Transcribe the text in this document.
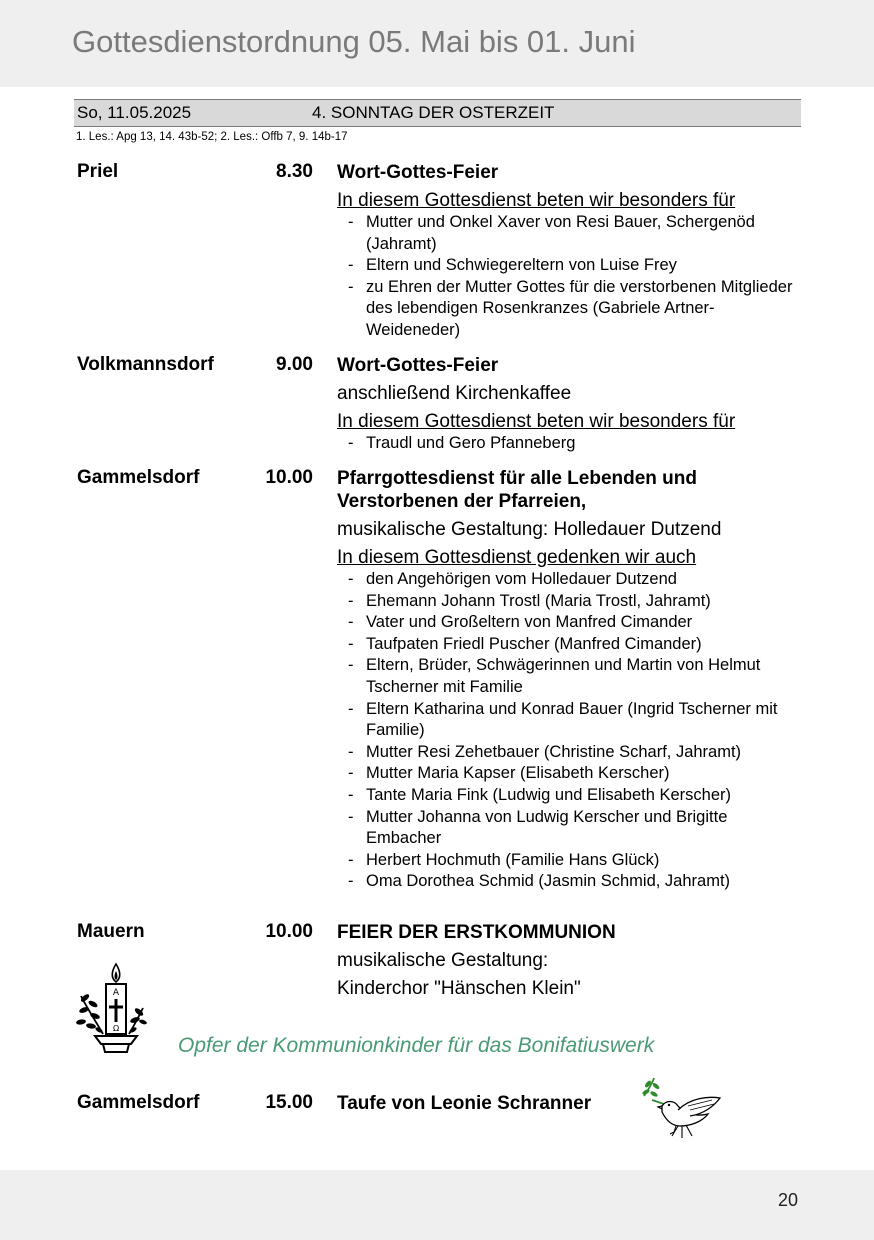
Gottesdienstordnung 05. Mai bis 01. Juni
So, 11.05.2025	4. SONNTAG DER OSTERZEIT
1. Les.: Apg 13, 14. 43b-52; 2. Les.: Offb 7, 9. 14b-17
Priel	8.30 Wort-Gottes-Feier
In diesem Gottesdienst beten wir besonders für
- Mutter und Onkel Xaver von Resi Bauer, Schergenöd (Jahramt)
- Eltern und Schwiegereltern von Luise Frey
- zu Ehren der Mutter Gottes für die verstorbenen Mitglieder des lebendigen Rosenkranzes (Gabriele Artner-Weideneder)
Volkmannsdorf	9.00 Wort-Gottes-Feier
anschließend Kirchenkaffee
In diesem Gottesdienst beten wir besonders für
- Traudl und Gero Pfanneberg
Gammelsdorf	10.00 Pfarrgottesdienst für alle Lebenden und Verstorbenen der Pfarreien,
musikalische Gestaltung: Holledauer Dutzend
In diesem Gottesdienst gedenken wir auch
- den Angehörigen vom Holledauer Dutzend
- Ehemann Johann Trostl (Maria Trostl, Jahramt)
- Vater und Großeltern von Manfred Cimander
- Taufpaten Friedl Puscher (Manfred Cimander)
- Eltern, Brüder, Schwägerinnen und Martin von Helmut Tscherner mit Familie
- Eltern Katharina und Konrad Bauer (Ingrid Tscherner mit Familie)
- Mutter Resi Zehetbauer (Christine Scharf, Jahramt)
- Mutter Maria Kapser (Elisabeth Kerscher)
- Tante Maria Fink (Ludwig und Elisabeth Kerscher)
- Mutter Johanna von Ludwig Kerscher und Brigitte Embacher
- Herbert Hochmuth (Familie Hans Glück)
- Oma Dorothea Schmid (Jasmin Schmid, Jahramt)
Mauern	10.00 FEIER DER ERSTKOMMUNION
musikalische Gestaltung:
Kinderchor "Hänschen Klein"
A
Ω
Opfer der Kommunionkinder für das Bonifatiuswerk
Gammelsdorf	15.00 Taufe von Leonie Schranner
20
